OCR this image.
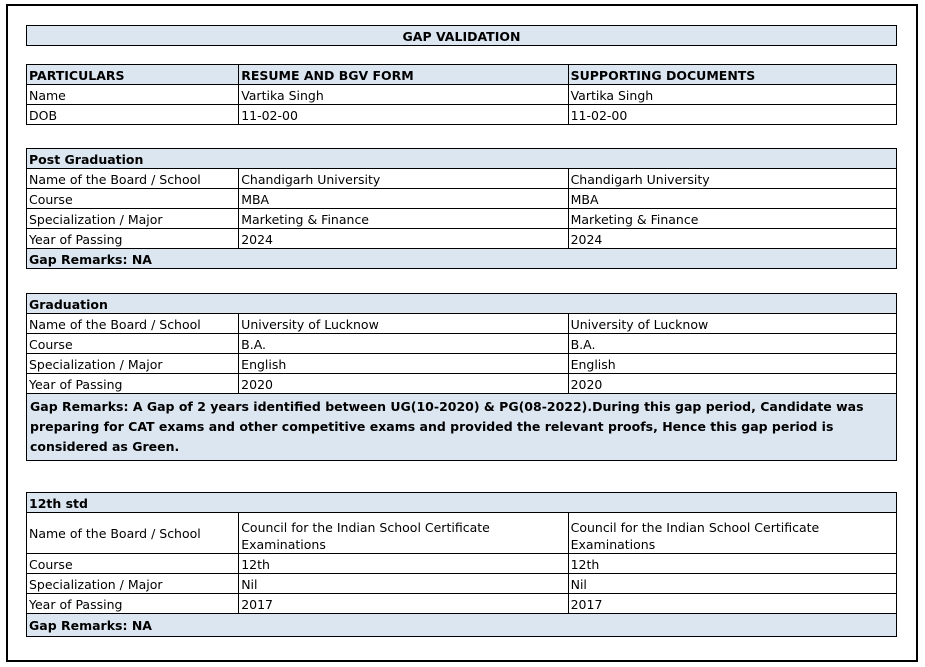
GAP VALIDATION
PARTICULARS	RESUME AND BGV FORM	SUPPORTING DOCUMENTS
Name	Vartika Singh	Vartika Singh
DOB	11-02-00	11-02-00
Post Graduation		
Name of the Board / School	Chandigarh University	Chandigarh University
Course	MBA	MBA
Specialization / Major	Marketing & Finance	Marketing & Finance
Year of Passing	2024	2024
Gap Remarks: NA		
Graduation		
Name of the Board / School	University of Lucknow	University of Lucknow
Course	B.A.	B.A.
Specialization / Major	English	English
Year of Passing	2020	2020
Gap Remarks: A Gap of 2 years identified between UG(10-2020) & PG(08-2022).During this gap period, Candidate was preparing for CAT exams and other competitive exams and provided the relevant proofs, Hence this gap period is considered as Green.		
12th std		
Name of the Board / School	Council for the Indian School Certificate Examinations	Council for the Indian School Certificate Examinations
Course	12th	12th
Specialization / Major	Nil	Nil
Year of Passing	2017	2017
Gap Remarks: NA		
